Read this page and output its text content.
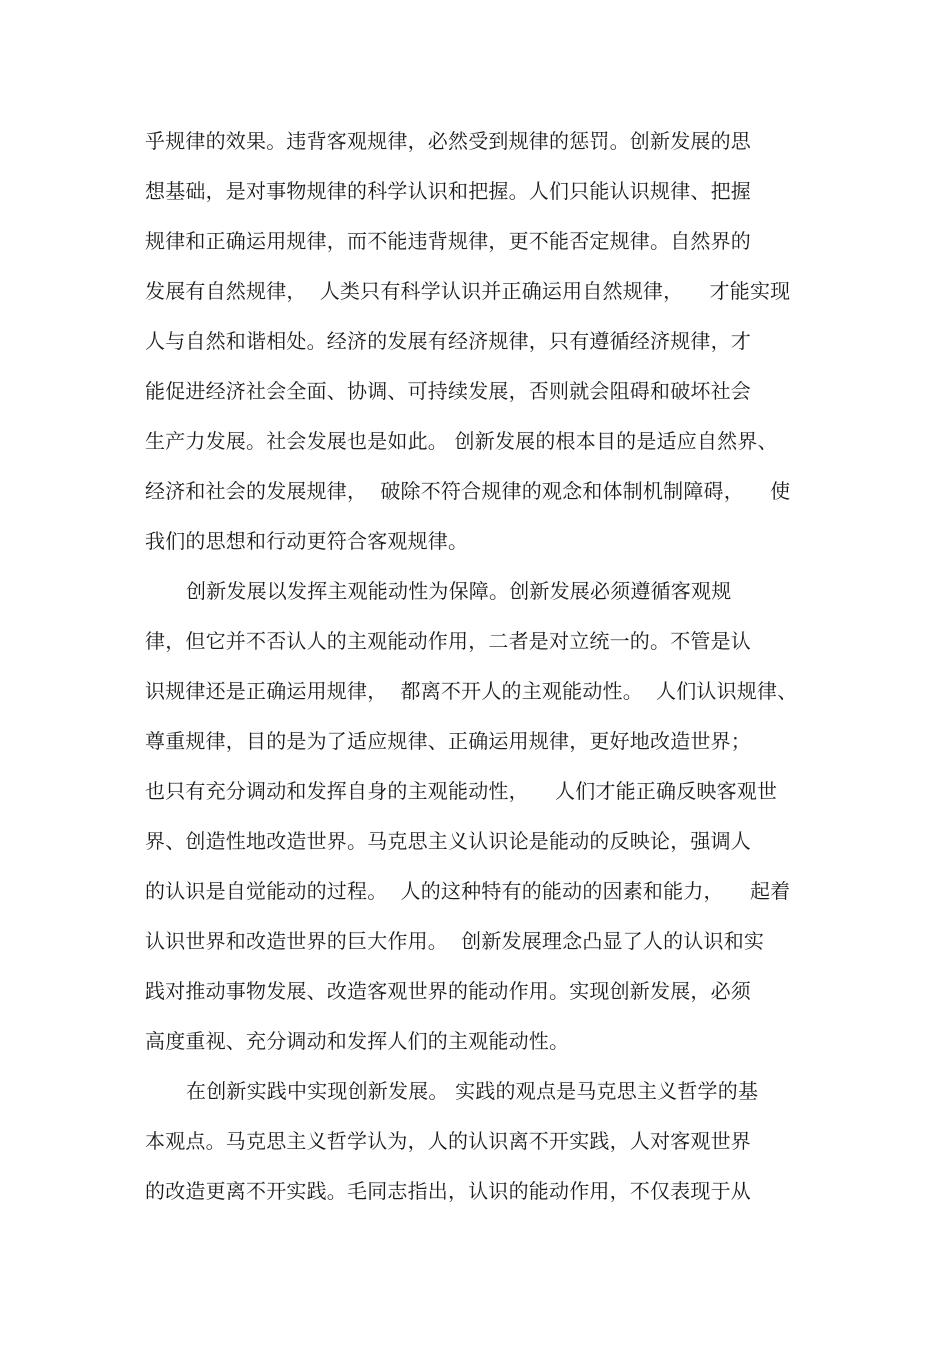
乎规律的效果。违背客观规律，必然受到规律的惩罚。创新发展的思
想基础，是对事物规律的科学认识和把握。人们只能认识规律、把握
规律和正确运用规律，而不能违背规律，更不能否定规律。自然界的
发展有自然规律，  人类只有科学认识并正确运用自然规律，    才能实现
人与自然和谐相处。经济的发展有经济规律，只有遵循经济规律，才
能促进经济社会全面、协调、可持续发展，否则就会阻碍和破坏社会
生产力发展。社会发展也是如此。 创新发展的根本目的是适应自然界、
经济和社会的发展规律，  破除不符合规律的观念和体制机制障碍，    使
我们的思想和行动更符合客观规律。
创新发展以发挥主观能动性为保障。创新发展必须遵循客观规
律，但它并不否认人的主观能动作用，二者是对立统一的。不管是认
识规律还是正确运用规律，  都离不开人的主观能动性。  人们认识规律、
尊重规律，目的是为了适应规律、正确运用规律，更好地改造世界；
也只有充分调动和发挥自身的主观能动性，    人们才能正确反映客观世
界、创造性地改造世界。马克思主义认识论是能动的反映论，强调人
的认识是自觉能动的过程。  人的这种特有的能动的因素和能力，    起着
认识世界和改造世界的巨大作用。  创新发展理念凸显了人的认识和实
践对推动事物发展、改造客观世界的能动作用。实现创新发展，必须
高度重视、充分调动和发挥人们的主观能动性。
在创新实践中实现创新发展。 实践的观点是马克思主义哲学的基
本观点。马克思主义哲学认为，人的认识离不开实践，人对客观世界
的改造更离不开实践。毛同志指出，认识的能动作用，不仅表现于从
